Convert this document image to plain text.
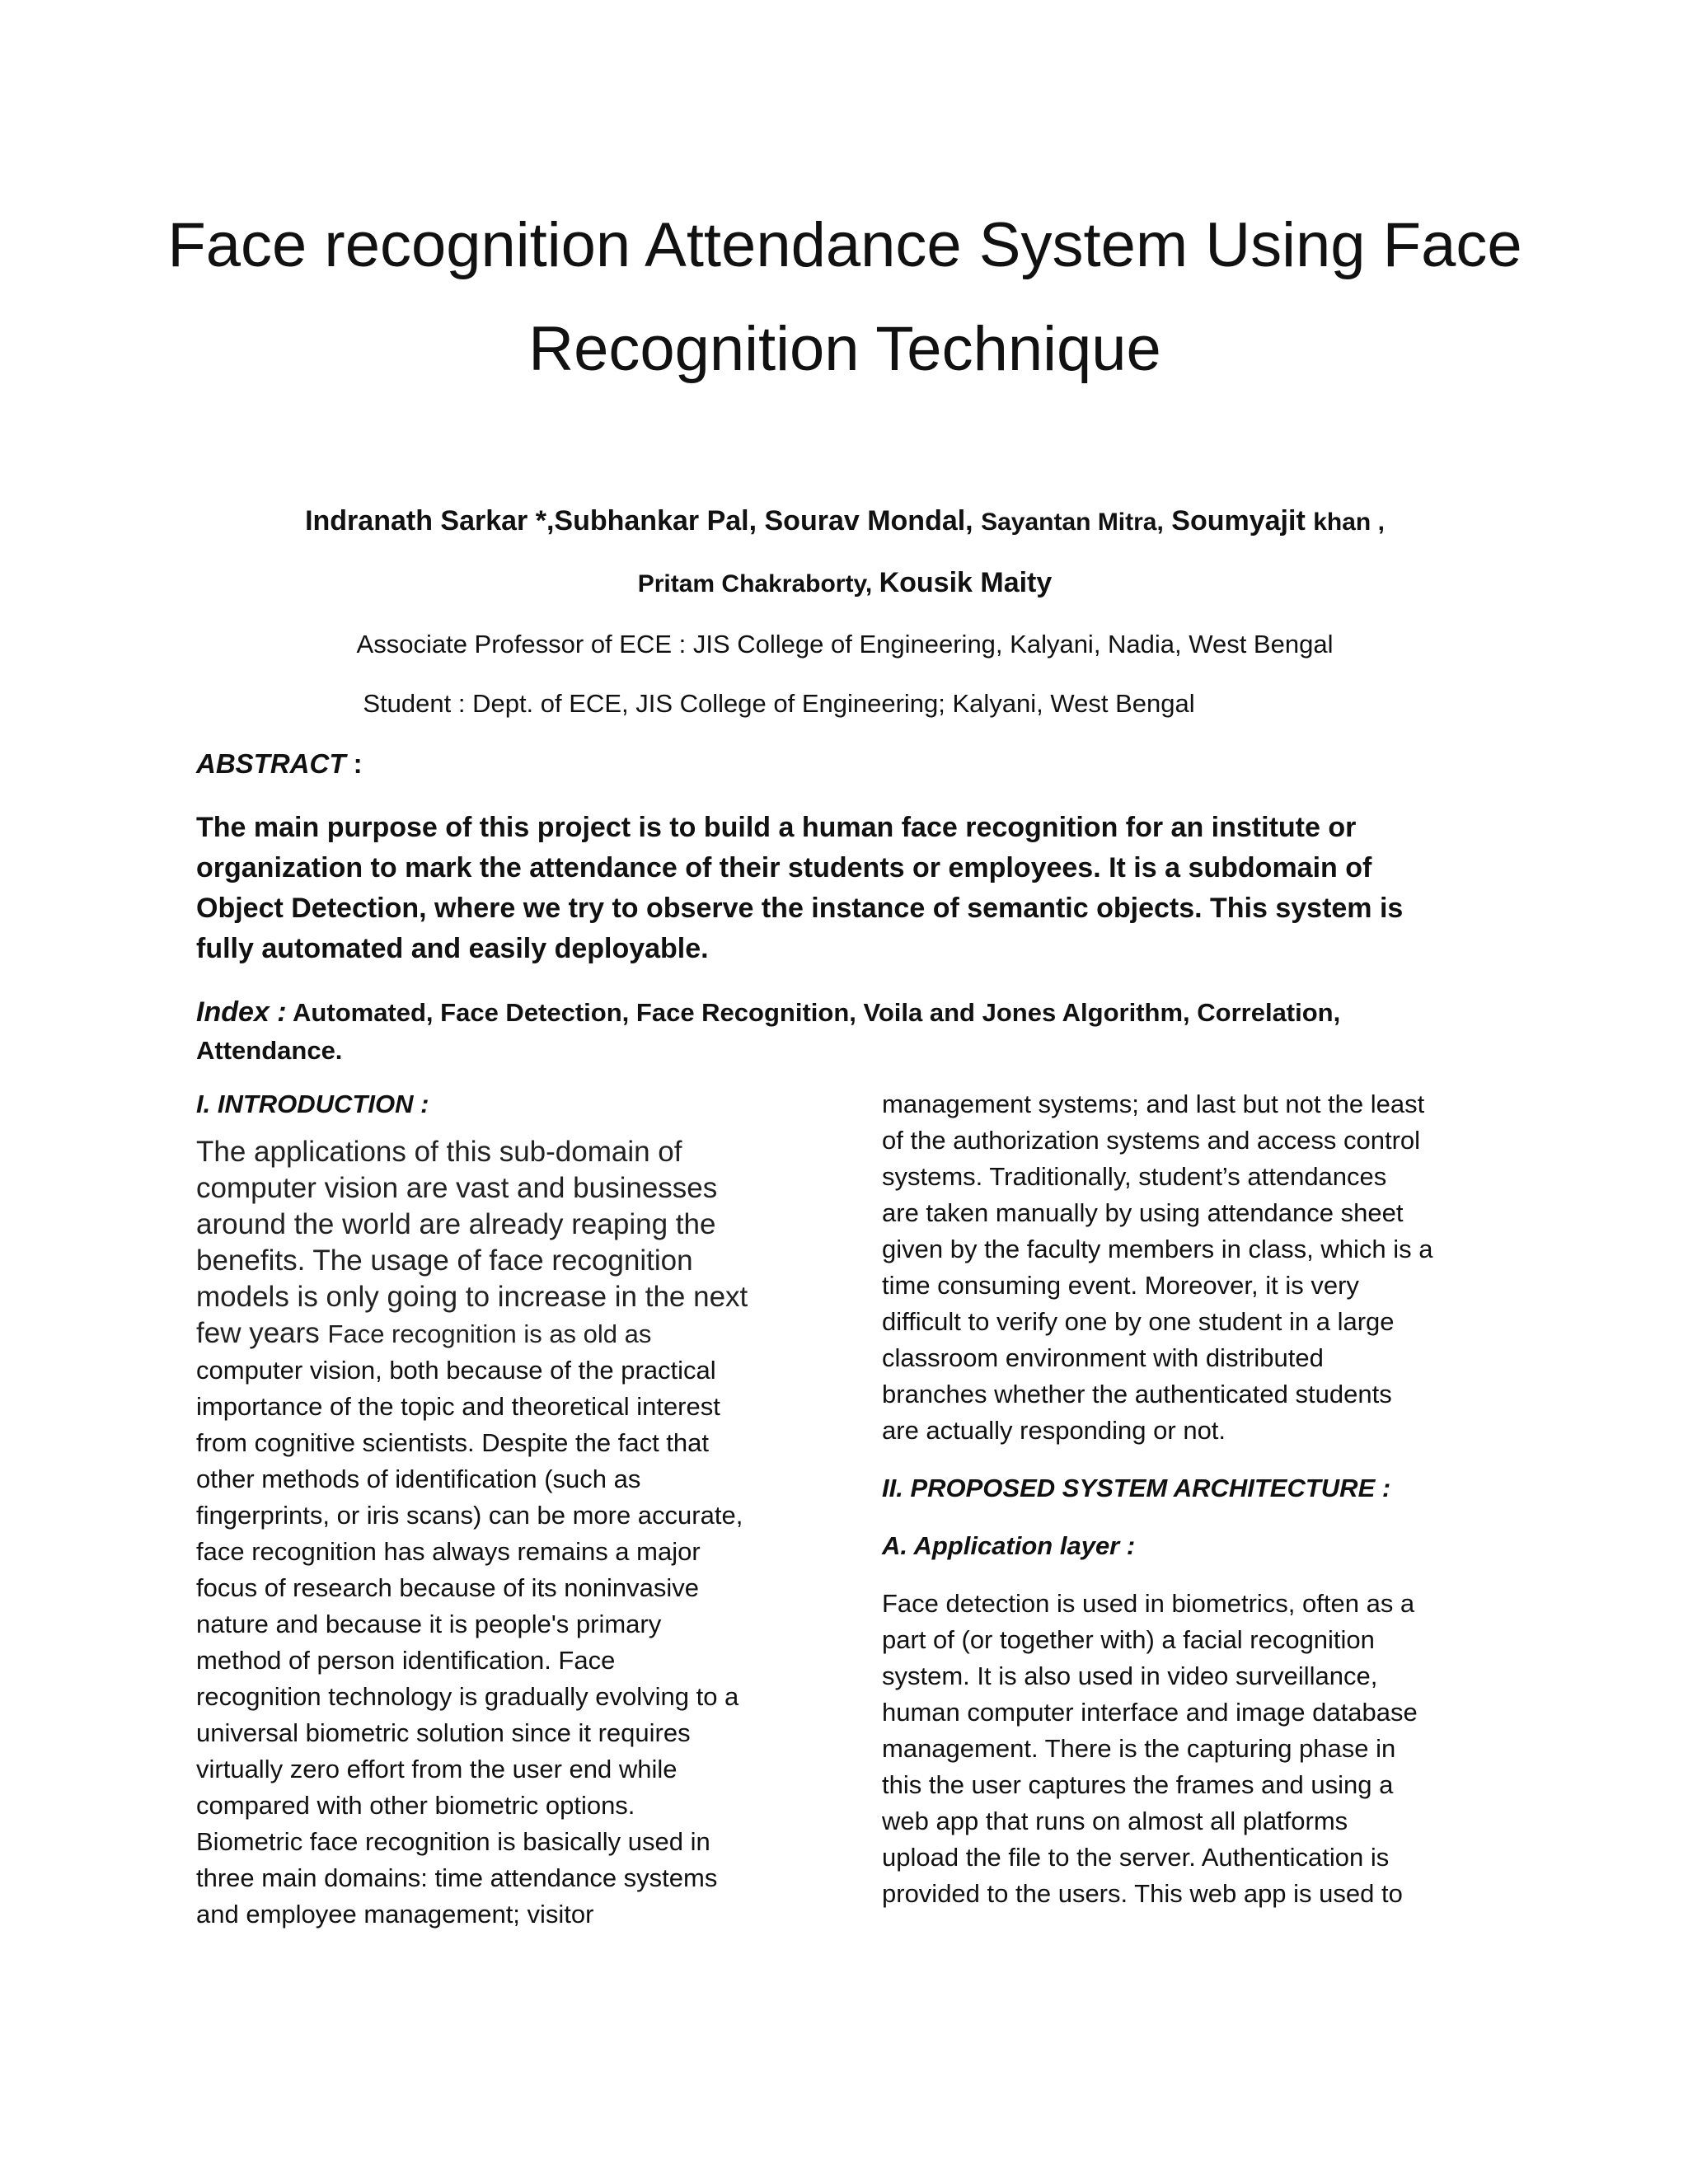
Face recognition Attendance System Using Face
Recognition Technique
Indranath Sarkar *,Subhankar Pal, Sourav Mondal, Sayantan Mitra, Soumyajit khan ,
Pritam Chakraborty, Kousik Maity
Associate Professor of ECE : JIS College of Engineering, Kalyani, Nadia, West Bengal
Student : Dept. of ECE, JIS College of Engineering; Kalyani, West Bengal
ABSTRACT :

The main purpose of this project is to build a human face recognition for an institute or
organization to mark the attendance of their students or employees. It is a subdomain of
Object Detection, where we try to observe the instance of semantic objects. This system is
fully automated and easily deployable.

Index : Automated, Face Detection, Face Recognition, Voila and Jones Algorithm, Correlation,
Attendance.

I. INTRODUCTION :

The applications of this sub-domain of
computer vision are vast and businesses
around the world are already reaping the
benefits. The usage of face recognition
models is only going to increase in the next
few years Face recognition is as old as

computer vision, both because of the practical
importance of the topic and theoretical interest
from cognitive scientists. Despite the fact that
other methods of identification (such as
fingerprints, or iris scans) can be more accurate,
face recognition has always remains a major
focus of research because of its noninvasive
nature and because it is people's primary
method of person identification. Face
recognition technology is gradually evolving to a
universal biometric solution since it requires
virtually zero effort from the user end while
compared with other biometric options.
Biometric face recognition is basically used in
three main domains: time attendance systems
and employee management; visitor

management systems; and last but not the least
of the authorization systems and access control
systems. Traditionally, student’s attendances
are taken manually by using attendance sheet
given by the faculty members in class, which is a
time consuming event. Moreover, it is very
difficult to verify one by one student in a large
classroom environment with distributed
branches whether the authenticated students
are actually responding or not.

II. PROPOSED SYSTEM ARCHITECTURE :

A. Application layer :

Face detection is used in biometrics, often as a
part of (or together with) a facial recognition
system. It is also used in video surveillance,
human computer interface and image database
management. There is the capturing phase in
this the user captures the frames and using a
web app that runs on almost all platforms
upload the file to the server. Authentication is
provided to the users. This web app is used to
